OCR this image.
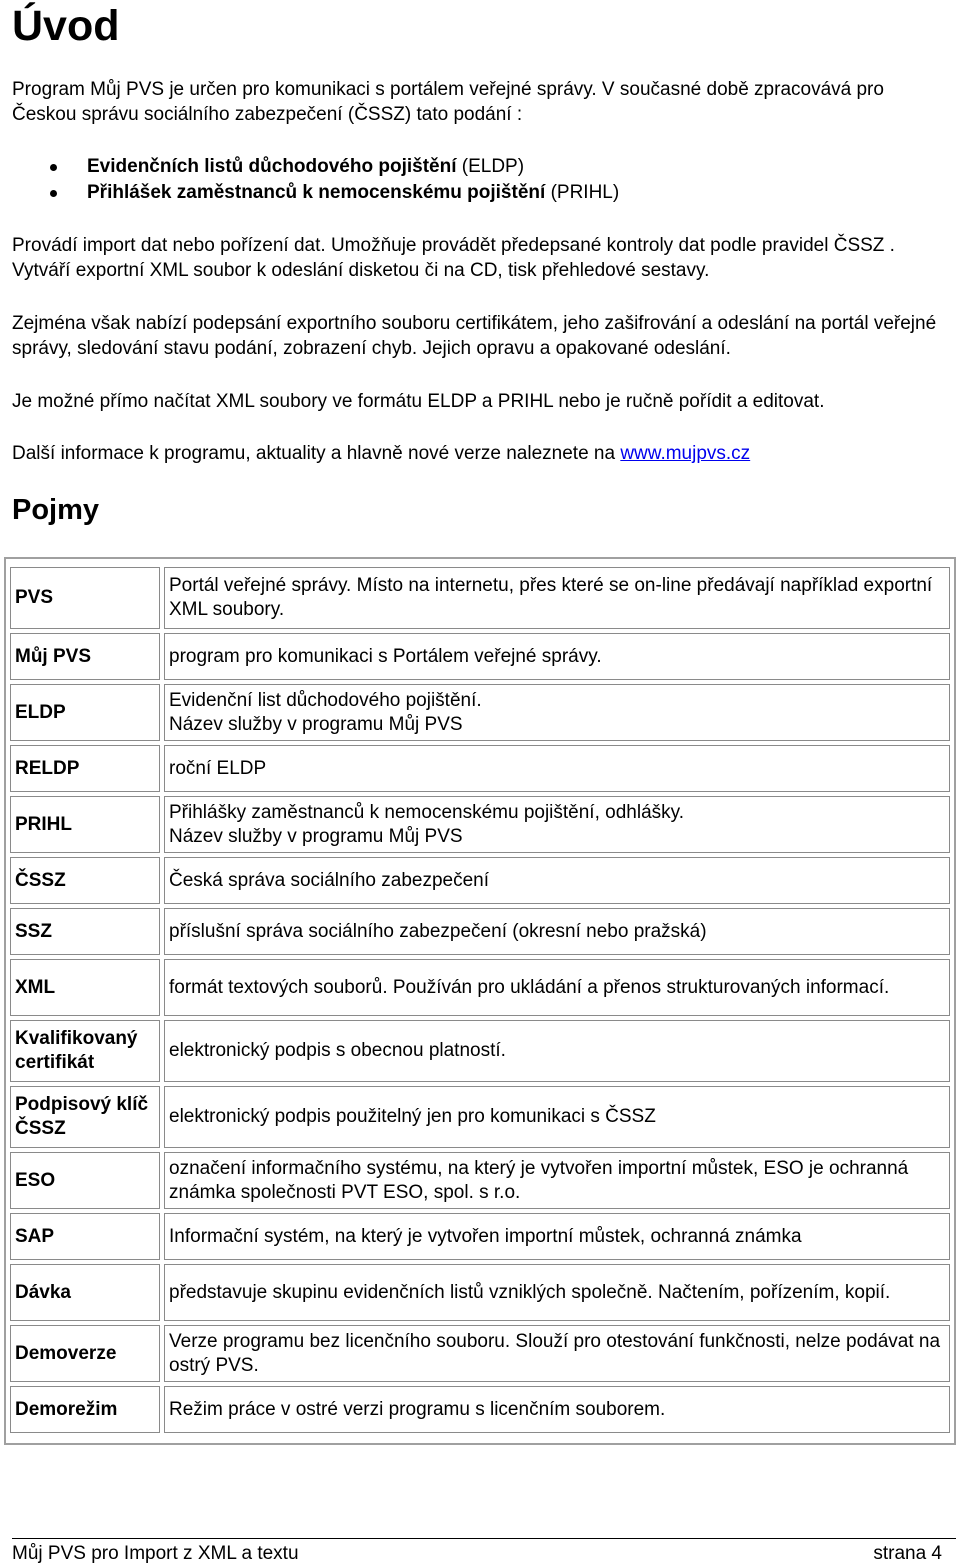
Úvod

Program Můj PVS je určen pro komunikaci s portálem veřejné správy. V současné době zpracovává pro Českou správu sociálního zabezpečení (ČSSZ) tato podání :

Evidenčních listů důchodového pojištění (ELDP)
Přihlášek zaměstnanců k nemocenskému pojištění (PRIHL)

Provádí import dat nebo pořízení dat. Umožňuje provádět předepsané kontroly dat podle pravidel ČSSZ . Vytváří exportní XML soubor k odeslání disketou či na CD, tisk přehledové sestavy.

Zejména však nabízí podepsání exportního souboru certifikátem, jeho zašifrování a odeslání na portál veřejné správy, sledování stavu podání, zobrazení chyb. Jejich opravu a opakované odeslání.

Je možné přímo načítat XML soubory ve formátu ELDP a PRIHL nebo je ručně pořídit a editovat.

Další informace k programu, aktuality a hlavně nové verze naleznete na www.mujpvs.cz

Pojmy
PVS	Portál veřejné správy. Místo na internetu, přes které se on-line předávají například exportní XML soubory.
Můj PVS	program pro komunikaci s Portálem veřejné správy.
ELDP	Evidenční list důchodového pojištění.
Název služby v programu Můj PVS
RELDP	roční ELDP
PRIHL	Přihlášky zaměstnanců k nemocenskému pojištění, odhlášky.
Název služby v programu Můj PVS
ČSSZ	Česká správa sociálního zabezpečení
SSZ	příslušní správa sociálního zabezpečení (okresní nebo pražská)
XML	formát textových souborů. Používán pro ukládání a přenos strukturovaných informací.
Kvalifikovaný certifikát	elektronický podpis s obecnou platností.
Podpisový klíč ČSSZ	elektronický podpis použitelný jen pro komunikaci s ČSSZ
ESO	označení informačního systému, na který je vytvořen importní můstek, ESO je ochranná známka společnosti PVT ESO, spol. s r.o.
SAP	Informační systém, na který je vytvořen importní můstek, ochranná známka
Dávka	představuje skupinu evidenčních listů vzniklých společně. Načtením, pořízením, kopií.
Demoverze	Verze programu bez licenčního souboru. Slouží pro otestování funkčnosti, nelze podávat na ostrý PVS.
Demorežim	Režim práce v ostré verzi programu s licenčním souborem.
Můj PVS pro Import z XML a textu	strana 4
